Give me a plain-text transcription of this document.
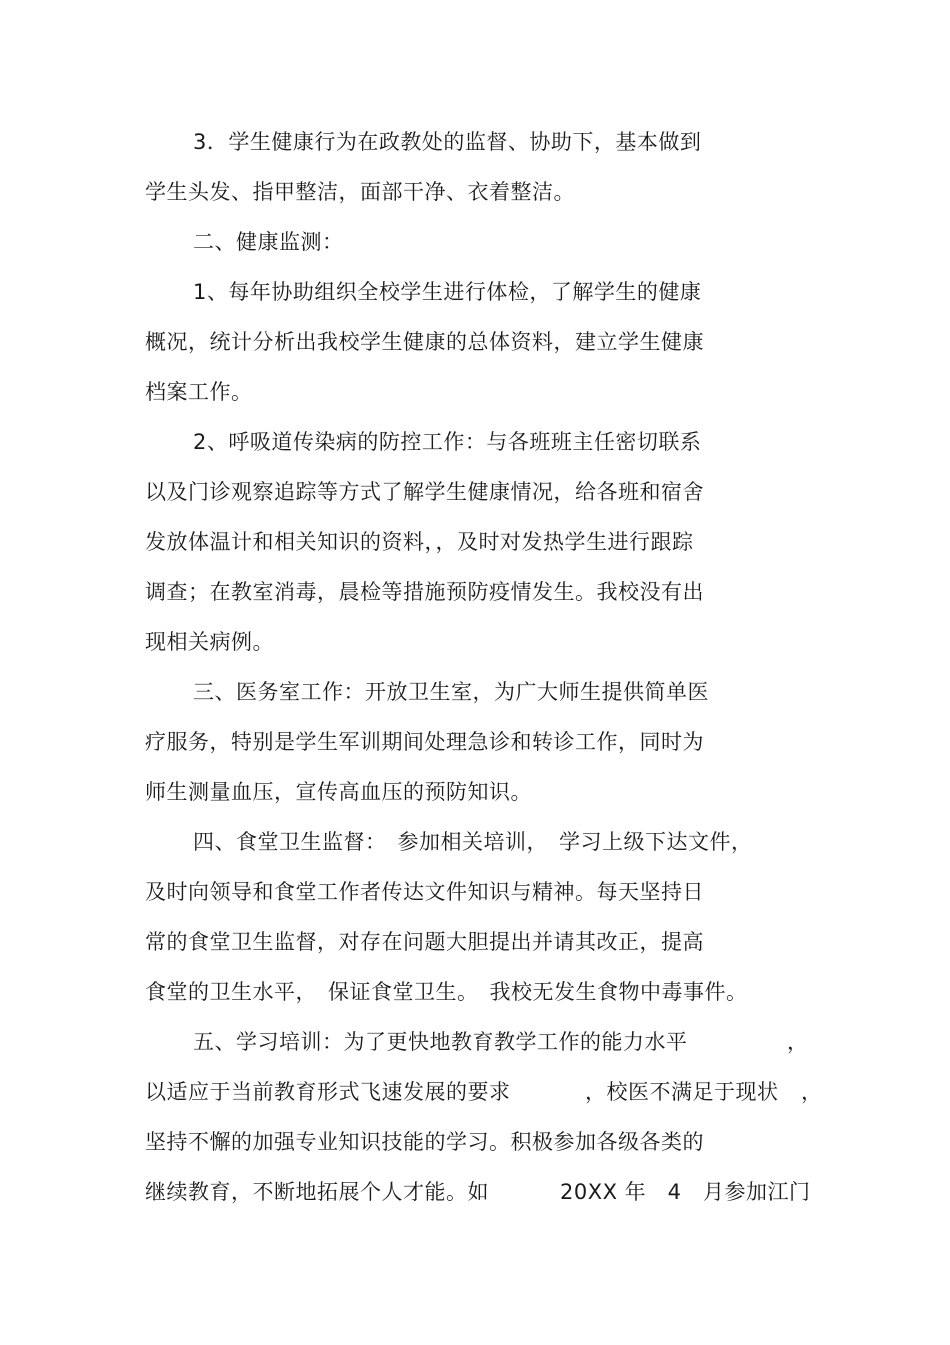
3．学生健康行为在政教处的监督、协助下，基本做到
学生头发、指甲整洁，面部干净、衣着整洁。
二、健康监测：
1、每年协助组织全校学生进行体检，了解学生的健康
概况，统计分析出我校学生健康的总体资料，建立学生健康
档案工作。
2、呼吸道传染病的防控工作：与各班班主任密切联系
以及门诊观察追踪等方式了解学生健康情况，给各班和宿舍
发放体温计和相关知识的资料，，及时对发热学生进行跟踪
调查；在教室消毒，晨检等措施预防疫情发生。我校没有出
现相关病例。
三、医务室工作：开放卫生室，为广大师生提供简单医
疗服务，特别是学生军训期间处理急诊和转诊工作，同时为
师生测量血压，宣传高血压的预防知识。
四、食堂卫生监督：　参加相关培训，　学习上级下达文件，
及时向领导和食堂工作者传达文件知识与精神。每天坚持日
常的食堂卫生监督，对存在问题大胆提出并请其改正，提高
食堂的卫生水平，　保证食堂卫生。　我校无发生食物中毒事件。
五、学习培训：为了更快地教育教学工作的能力水平	，
以适应于当前教育形式飞速发展的要求	，校医不满足于现状 ，
坚持不懈的加强专业知识技能的学习。积极参加各级各类的
继续教育，不断地拓展个人才能。如	20XX 年　4　月参加江门
